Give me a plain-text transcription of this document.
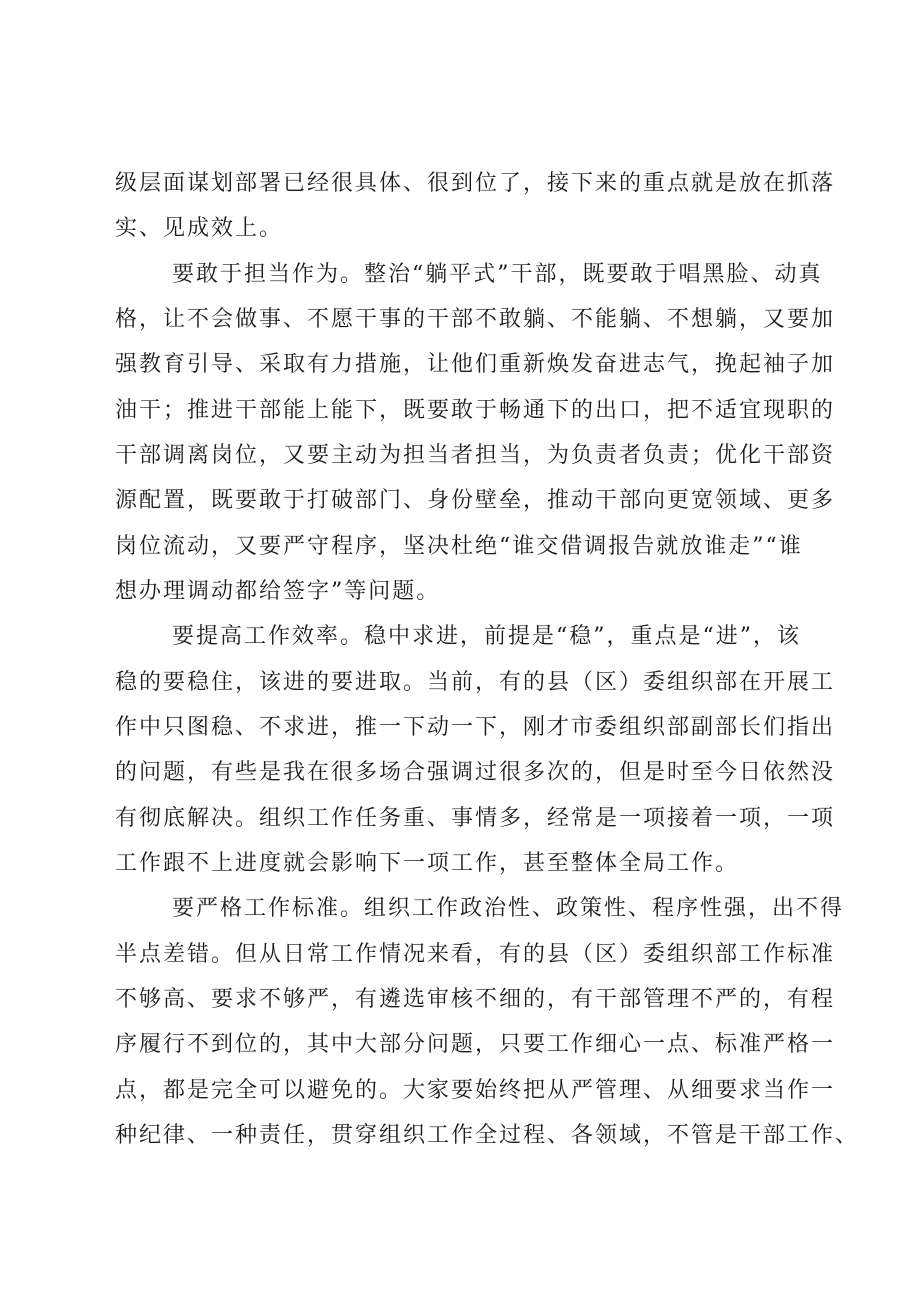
级层面谋划部署已经很具体、很到位了，接下来的重点就是放在抓落
实、见成效上。
要敢于担当作为。整治“躺平式”干部，既要敢于唱黑脸、动真
格，让不会做事、不愿干事的干部不敢躺、不能躺、不想躺，又要加
强教育引导、采取有力措施，让他们重新焕发奋进志气，挽起袖子加
油干；推进干部能上能下，既要敢于畅通下的出口，把不适宜现职的
干部调离岗位，又要主动为担当者担当，为负责者负责；优化干部资
源配置，既要敢于打破部门、身份壁垒，推动干部向更宽领域、更多
岗位流动，又要严守程序，坚决杜绝“谁交借调报告就放谁走”“谁
想办理调动都给签字”等问题。
要提高工作效率。稳中求进，前提是“稳”，重点是“进”，该
稳的要稳住，该进的要进取。当前，有的县（区）委组织部在开展工
作中只图稳、不求进，推一下动一下，刚才市委组织部副部长们指出
的问题，有些是我在很多场合强调过很多次的，但是时至今日依然没
有彻底解决。组织工作任务重、事情多，经常是一项接着一项，一项
工作跟不上进度就会影响下一项工作，甚至整体全局工作。
要严格工作标准。组织工作政治性、政策性、程序性强，出不得
半点差错。但从日常工作情况来看，有的县（区）委组织部工作标准
不够高、要求不够严，有遴选审核不细的，有干部管理不严的，有程
序履行不到位的，其中大部分问题，只要工作细心一点、标准严格一
点，都是完全可以避免的。大家要始终把从严管理、从细要求当作一
种纪律、一种责任，贯穿组织工作全过程、各领域，不管是干部工作、
